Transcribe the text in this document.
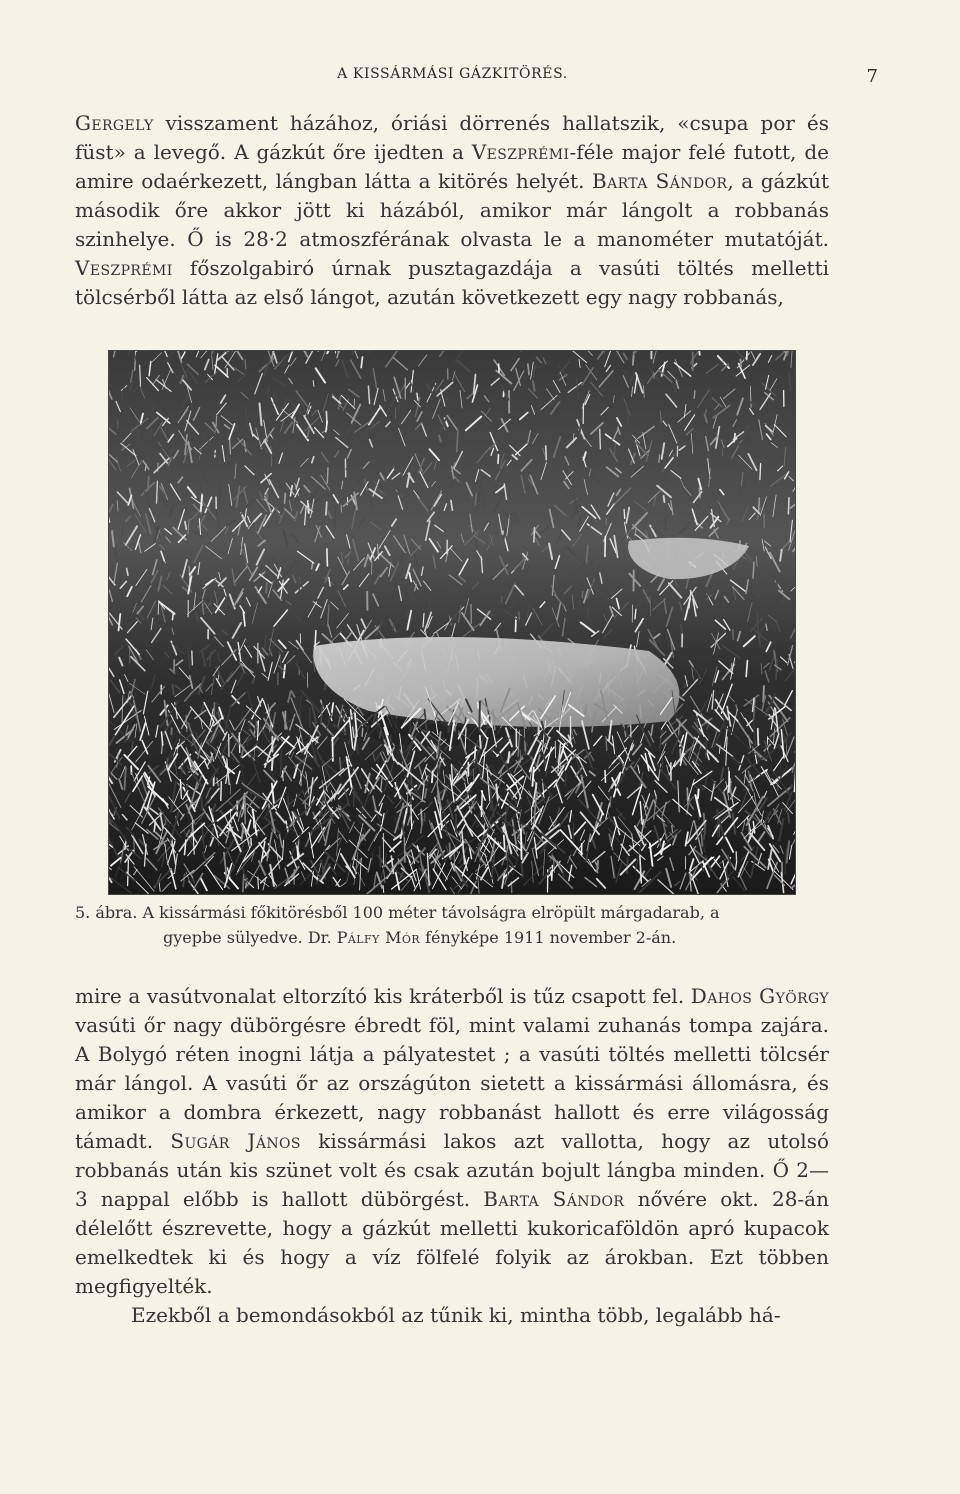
A KISSÁRMÁSI GÁZKITÖRÉS.	7

Gergely visszament házához, óriási dörrenés hallatszik, «csupa por és füst» a levegő. A gázkút őre ijedten a Veszprémi-féle major felé futott, de amire odaérkezett, lángban látta a kitörés helyét. Barta Sándor, a gázkút második őre akkor jött ki házából, amikor már lángolt a robbanás szinhelye. Ő is 28·2 atmoszférának olvasta le a manométer mutatóját. Veszprémi főszolgabiró úrnak pusztagazdája a vasúti töltés melletti tölcsérből látta az első lángot, azután következett egy nagy robbanás,

5. ábra. A kissármási főkitörésből 100 méter távolságra elröpült márgadarab, a
gyepbe sülyedve. Dr. Pálfy Mór fényképe 1911 november 2-án.

mire a vasútvonalat eltorzító kis kráterből is tűz csapott fel. Dahos György vasúti őr nagy dübörgésre ébredt föl, mint valami zuhanás tompa zajára. A Bolygó réten inogni látja a pályatestet ; a vasúti töltés melletti tölcsér már lángol. A vasúti őr az országúton sietett a kissármási állomásra, és amikor a dombra érkezett, nagy robbanást hallott és erre világosság támadt. Sugár János kissármási lakos azt vallotta, hogy az utolsó robbanás után kis szünet volt és csak azután bojult lángba minden. Ő 2—3 nappal előbb is hallott dübörgést. Barta Sándor nővére okt. 28-án délelőtt észrevette, hogy a gázkút melletti kukoricaföldön apró kupacok emelkedtek ki és hogy a víz fölfelé folyik az árokban. Ezt többen megfigyelték.

Ezekből a bemondásokból az tűnik ki, mintha több, legalább há-
